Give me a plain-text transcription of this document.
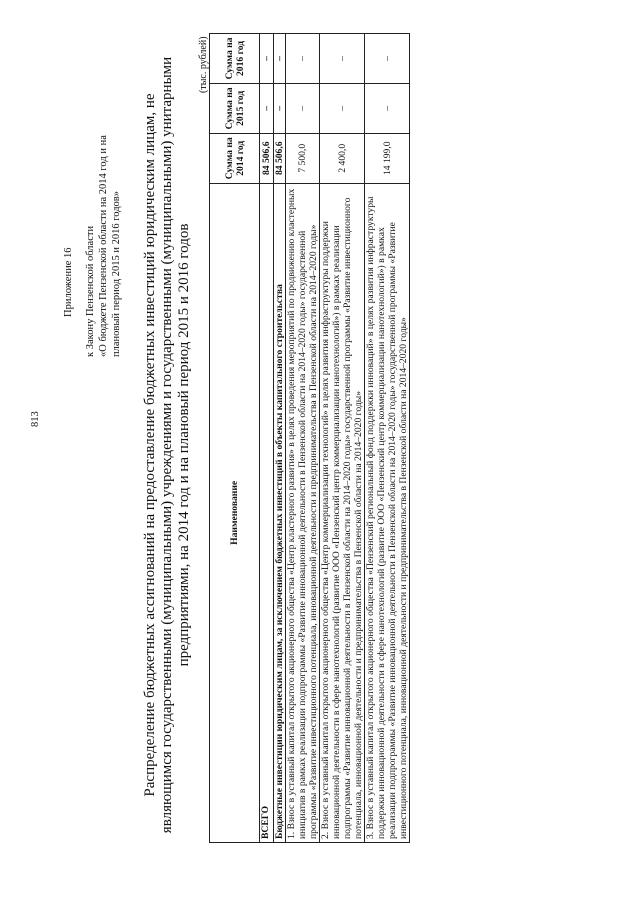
813
Приложение 16 к Закону Пензенской области «О бюджете Пензенской области на 2014 год и на плановый период 2015 и 2016 годов» Распределение бюджетных ассигнований на предоставление бюджетных инвестиций юридическим лицам, не являющимся государственными (муниципальными) учреждениями и государственными (муниципальными) унитарными предприятиями, на 2014 год и на плановый период 2015 и 2016 годов
(тыс. рублей)
Наименование	Сумма на 2014 год	Сумма на 2015 год	Сумма на 2016 год
ВСЕГО	84 506,6	–	–
Бюджетные инвестиции юридическим лицам, за исключением бюджетных инвестиций в объекты капитального строительства	84 506,6	–	–
1. Взнос в уставный капитал открытого акционерного общества «Центр кластерного развития» в целях проведения мероприятий по продвижению кластерных инициатив в рамках реализации подпрограммы «Развитие инновационной деятельности в Пензенской области на 2014–2020 годы» государственной программы «Развитие инвестиционного потенциала, инновационной деятельности и предпринимательства в Пензенской области на 2014–2020 годы»	7 500,0	–	–
2. Взнос в уставный капитал открытого акционерного общества «Центр коммерциализации технологий» в целях развития инфраструктуры поддержки инновационной деятельности в сфере нанотехнологий (развитие ООО «Пензенский центр коммерциализации нанотехнологий») в рамках реализации подпрограммы «Развитие инновационной деятельности в Пензенской области на 2014–2020 годы» государственной программы «Развитие инвестиционного потенциала, инновационной деятельности и предпринимательства в Пензенской области на 2014–2020 годы»	2 400,0	–	–
3. Взнос в уставный капитал открытого акционерного общества «Пензенский региональный фонд поддержки инноваций» в целях развития инфраструктуры поддержки инновационной деятельности в сфере нанотехнологий (развитие ООО «Пензенский центр коммерциализации нанотехнологий») в рамках реализации подпрограммы «Развитие инновационной деятельности в Пензенской области на 2014–2020 годы» государственной программы «Развитие инвестиционного потенциала, инновационной деятельности и предпринимательства в Пензенской области на 2014–2020 годы»	14 199,0	–	–
